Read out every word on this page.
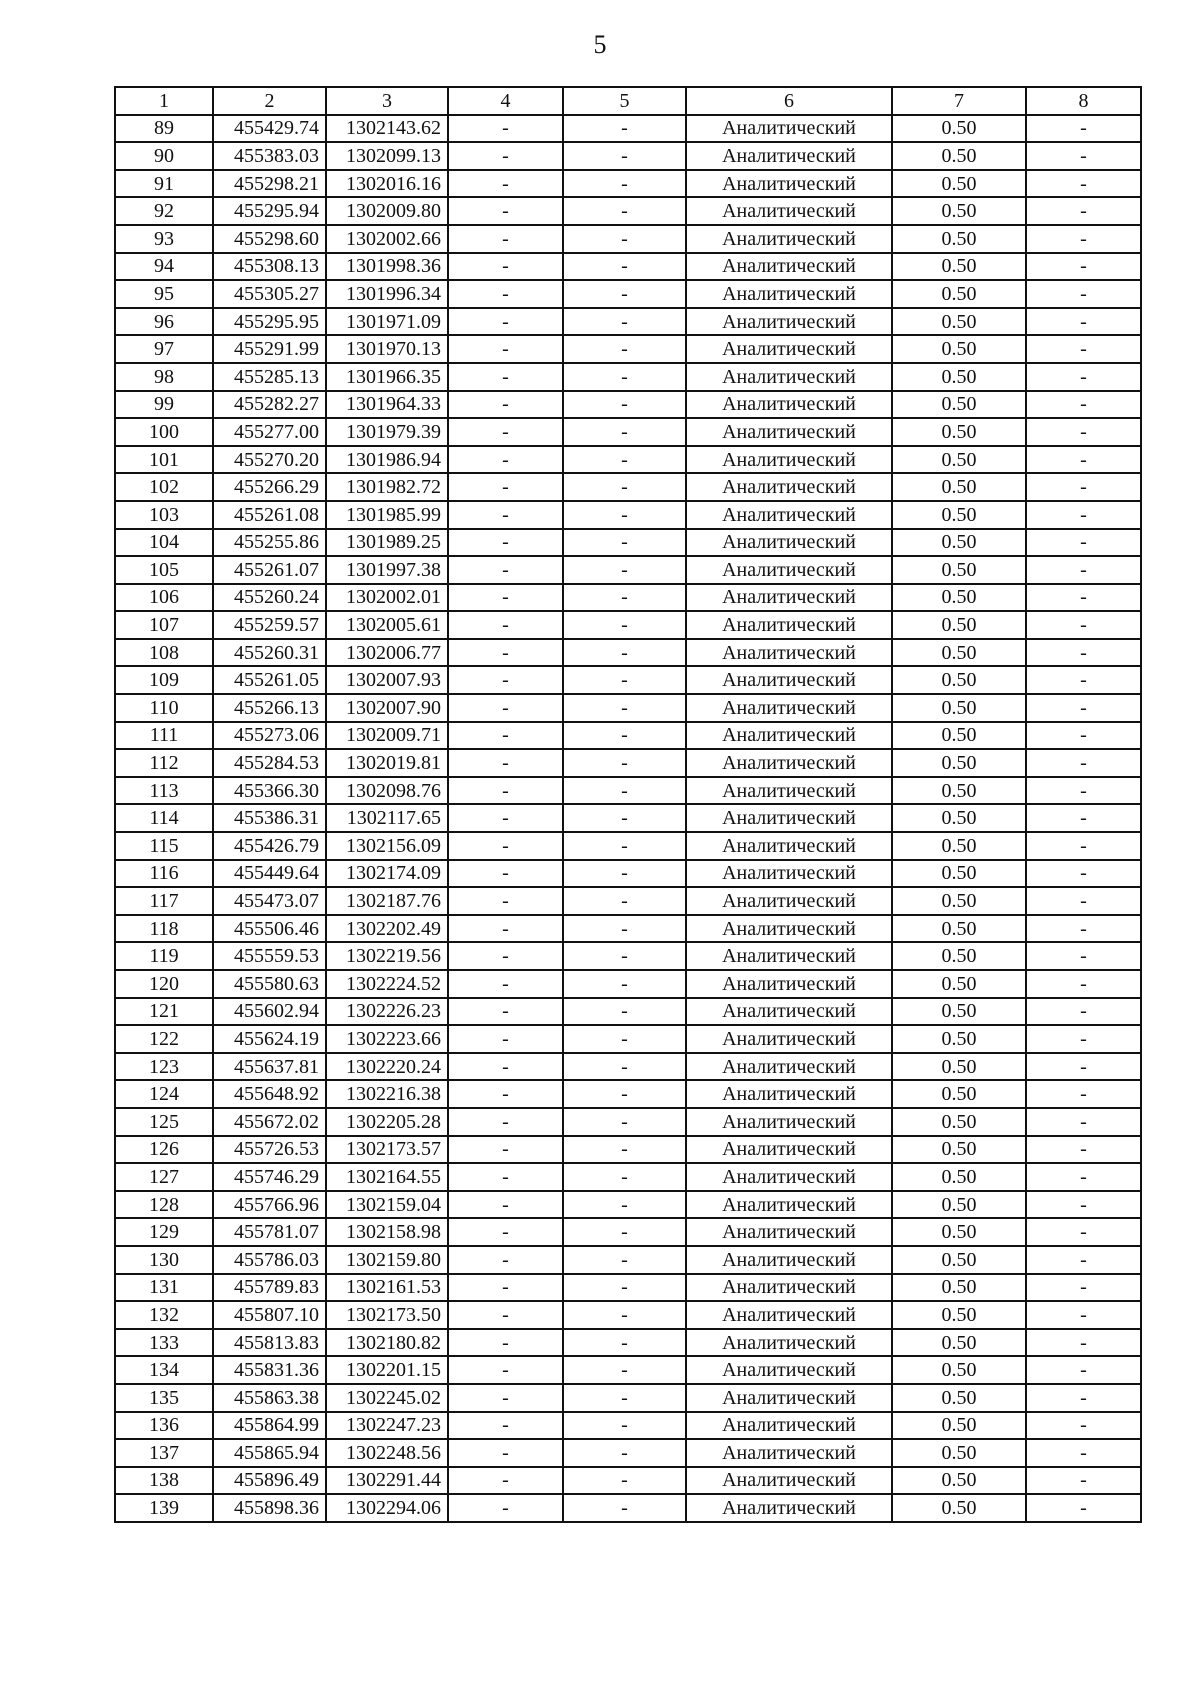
5
1	2	3	4	5	6	7	8
89	455429.74	1302143.62	-	-	Аналитический	0.50	-
90	455383.03	1302099.13	-	-	Аналитический	0.50	-
91	455298.21	1302016.16	-	-	Аналитический	0.50	-
92	455295.94	1302009.80	-	-	Аналитический	0.50	-
93	455298.60	1302002.66	-	-	Аналитический	0.50	-
94	455308.13	1301998.36	-	-	Аналитический	0.50	-
95	455305.27	1301996.34	-	-	Аналитический	0.50	-
96	455295.95	1301971.09	-	-	Аналитический	0.50	-
97	455291.99	1301970.13	-	-	Аналитический	0.50	-
98	455285.13	1301966.35	-	-	Аналитический	0.50	-
99	455282.27	1301964.33	-	-	Аналитический	0.50	-
100	455277.00	1301979.39	-	-	Аналитический	0.50	-
101	455270.20	1301986.94	-	-	Аналитический	0.50	-
102	455266.29	1301982.72	-	-	Аналитический	0.50	-
103	455261.08	1301985.99	-	-	Аналитический	0.50	-
104	455255.86	1301989.25	-	-	Аналитический	0.50	-
105	455261.07	1301997.38	-	-	Аналитический	0.50	-
106	455260.24	1302002.01	-	-	Аналитический	0.50	-
107	455259.57	1302005.61	-	-	Аналитический	0.50	-
108	455260.31	1302006.77	-	-	Аналитический	0.50	-
109	455261.05	1302007.93	-	-	Аналитический	0.50	-
110	455266.13	1302007.90	-	-	Аналитический	0.50	-
111	455273.06	1302009.71	-	-	Аналитический	0.50	-
112	455284.53	1302019.81	-	-	Аналитический	0.50	-
113	455366.30	1302098.76	-	-	Аналитический	0.50	-
114	455386.31	1302117.65	-	-	Аналитический	0.50	-
115	455426.79	1302156.09	-	-	Аналитический	0.50	-
116	455449.64	1302174.09	-	-	Аналитический	0.50	-
117	455473.07	1302187.76	-	-	Аналитический	0.50	-
118	455506.46	1302202.49	-	-	Аналитический	0.50	-
119	455559.53	1302219.56	-	-	Аналитический	0.50	-
120	455580.63	1302224.52	-	-	Аналитический	0.50	-
121	455602.94	1302226.23	-	-	Аналитический	0.50	-
122	455624.19	1302223.66	-	-	Аналитический	0.50	-
123	455637.81	1302220.24	-	-	Аналитический	0.50	-
124	455648.92	1302216.38	-	-	Аналитический	0.50	-
125	455672.02	1302205.28	-	-	Аналитический	0.50	-
126	455726.53	1302173.57	-	-	Аналитический	0.50	-
127	455746.29	1302164.55	-	-	Аналитический	0.50	-
128	455766.96	1302159.04	-	-	Аналитический	0.50	-
129	455781.07	1302158.98	-	-	Аналитический	0.50	-
130	455786.03	1302159.80	-	-	Аналитический	0.50	-
131	455789.83	1302161.53	-	-	Аналитический	0.50	-
132	455807.10	1302173.50	-	-	Аналитический	0.50	-
133	455813.83	1302180.82	-	-	Аналитический	0.50	-
134	455831.36	1302201.15	-	-	Аналитический	0.50	-
135	455863.38	1302245.02	-	-	Аналитический	0.50	-
136	455864.99	1302247.23	-	-	Аналитический	0.50	-
137	455865.94	1302248.56	-	-	Аналитический	0.50	-
138	455896.49	1302291.44	-	-	Аналитический	0.50	-
139	455898.36	1302294.06	-	-	Аналитический	0.50	-
